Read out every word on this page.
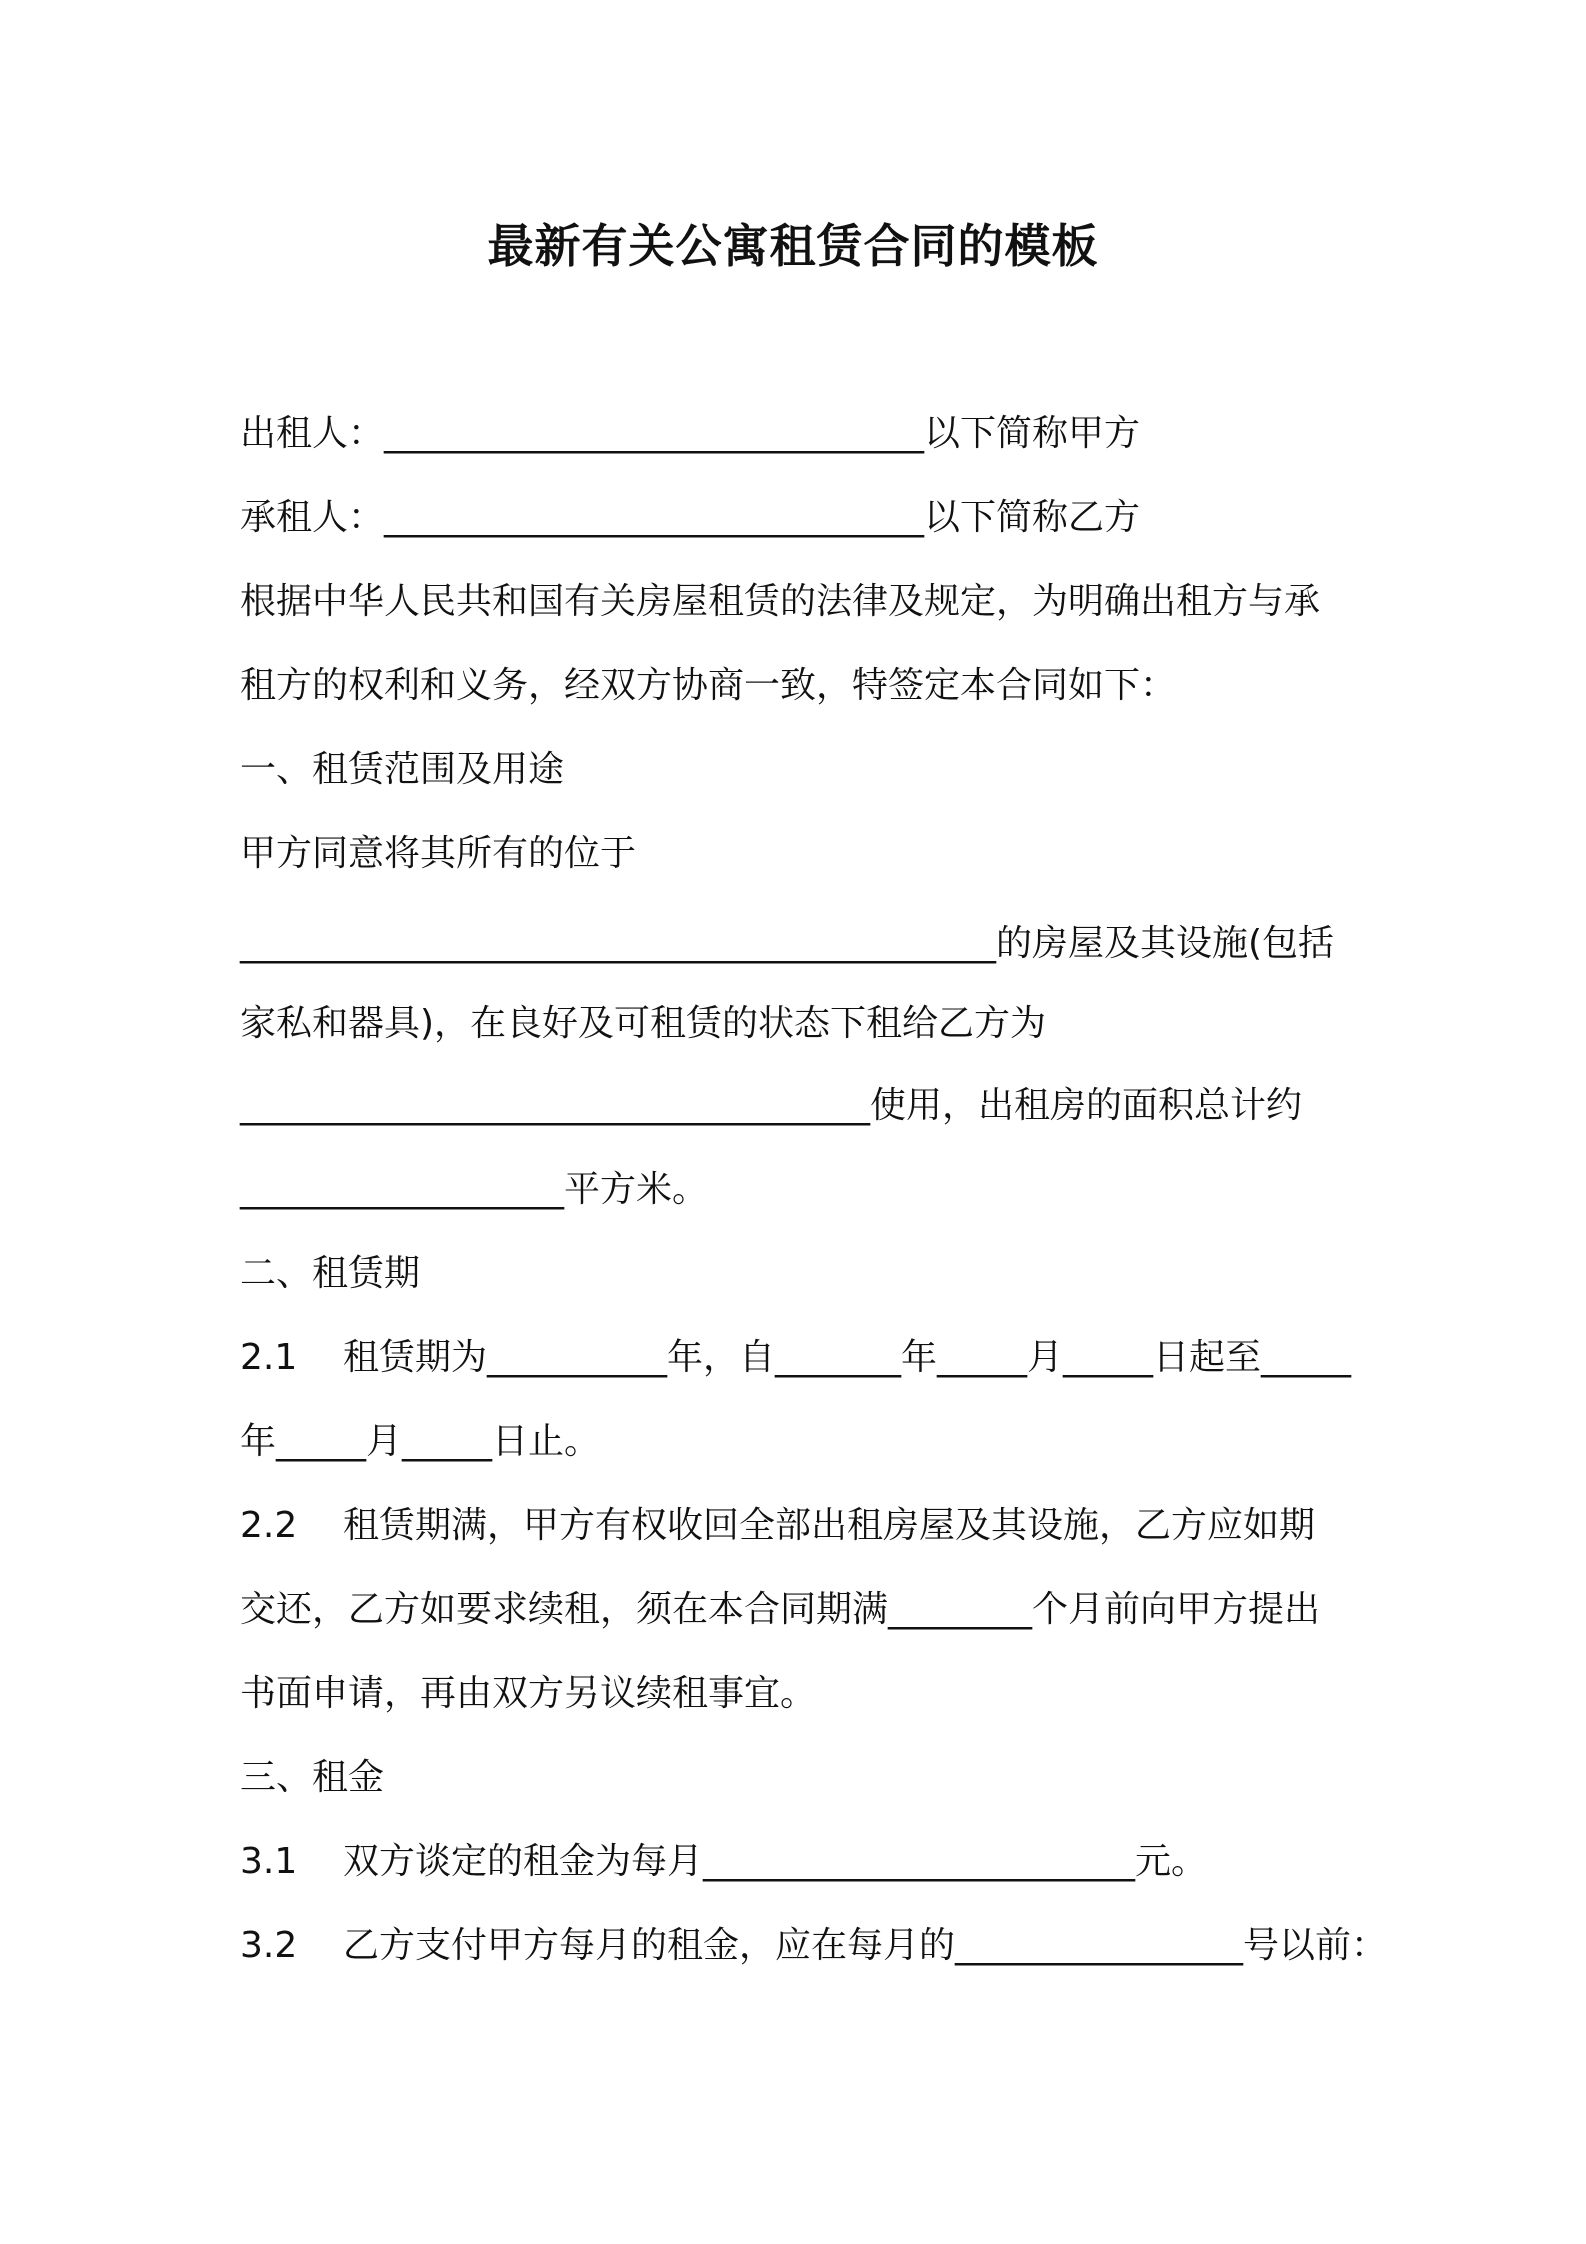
最新有关公寓租赁合同的模板
出租人：______________________________以下简称甲方
承租人：______________________________以下简称乙方
根据中华人民共和国有关房屋租赁的法律及规定，为明确出租方与承
租方的权利和义务，经双方协商一致，特签定本合同如下：
一、租赁范围及用途
甲方同意将其所有的位于
__________________________________________的房屋及其设施(包括
家私和器具)，在良好及可租赁的状态下租给乙方为
___________________________________使用，出租房的面积总计约
__________________平方米。
二、租赁期
2.1    租赁期为__________年，自_______年_____月_____日起至_____
年_____月_____日止。
2.2    租赁期满，甲方有权收回全部出租房屋及其设施，乙方应如期
交还，乙方如要求续租，须在本合同期满________个月前向甲方提出
书面申请，再由双方另议续租事宜。
三、租金
3.1    双方谈定的租金为每月________________________元。
3.2    乙方支付甲方每月的租金，应在每月的________________号以前：
